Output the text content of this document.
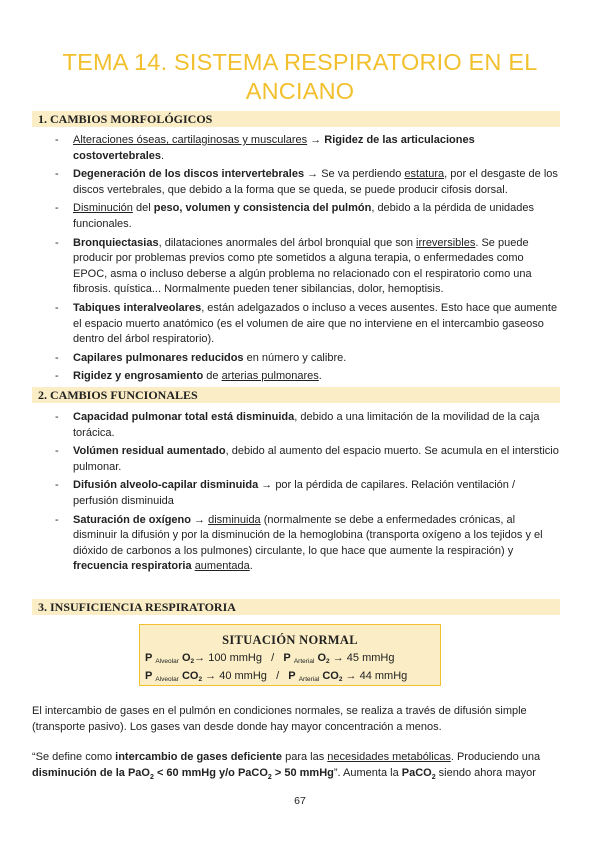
TEMA 14. SISTEMA RESPIRATORIO EN EL
ANCIANO
1. CAMBIOS MORFOLÓGICOS
- Alteraciones óseas, cartilaginosas y musculares → Rigidez de las articulaciones costovertebrales.
- Degeneración de los discos intervertebrales → Se va perdiendo estatura, por el desgaste de los discos vertebrales, que debido a la forma que se queda, se puede producir cifosis dorsal.
- Disminución del peso, volumen y consistencia del pulmón, debido a la pérdida de unidades funcionales.
- Bronquiectasias, dilataciones anormales del árbol bronquial que son irreversibles. Se puede producir por problemas previos como pte sometidos a alguna terapia, o enfermedades como EPOC, asma o incluso deberse a algún problema no relacionado con el respiratorio como una fibrosis. quística... Normalmente pueden tener sibilancias, dolor, hemoptisis.
- Tabiques interalveolares, están adelgazados o incluso a veces ausentes. Esto hace que aumente el espacio muerto anatómico (es el volumen de aire que no interviene en el intercambio gaseoso dentro del árbol respiratorio).
- Capilares pulmonares reducidos en número y calibre.
- Rigidez y engrosamiento de arterias pulmonares.
2. CAMBIOS FUNCIONALES
- Capacidad pulmonar total está disminuida, debido a una limitación de la movilidad de la caja torácica.
- Volúmen residual aumentado, debido al aumento del espacio muerto. Se acumula en el intersticio pulmonar.
- Difusión alveolo-capilar disminuida → por la pérdida de capilares. Relación ventilación / perfusión disminuida
- Saturación de oxígeno → disminuida (normalmente se debe a enfermedades crónicas, al disminuir la difusión y por la disminución de la hemoglobina (transporta oxígeno a los tejidos y el dióxido de carbonos a los pulmones) circulante, lo que hace que aumente la respiración) y frecuencia respiratoria aumentada.
3. INSUFICIENCIA RESPIRATORIA
SITUACIÓN NORMAL
P $_{Alveolar}$ $O_2\to 100$ mmHg / P $_{Arterial}$ $O_2 \to 45$ mmHg
P $_{Alveolar}$ $CO_2 \to 40$ mmHg / P $_{Arterial}$ $CO_2 \to 44$ mmHg

El intercambio de gases en el pulmón en condiciones normales, se realiza a través de difusión simple (transporte pasivo). Los gases van desde donde hay mayor concentración a menos.

“Se define como intercambio de gases deficiente para las necesidades metabólicas. Produciendo una disminución de la PaO$_2$ < 60 mmHg y/o PaCO$_2$ > 50 mmHg”. Aumenta la PaCO$_2$ siendo ahora mayor

67
